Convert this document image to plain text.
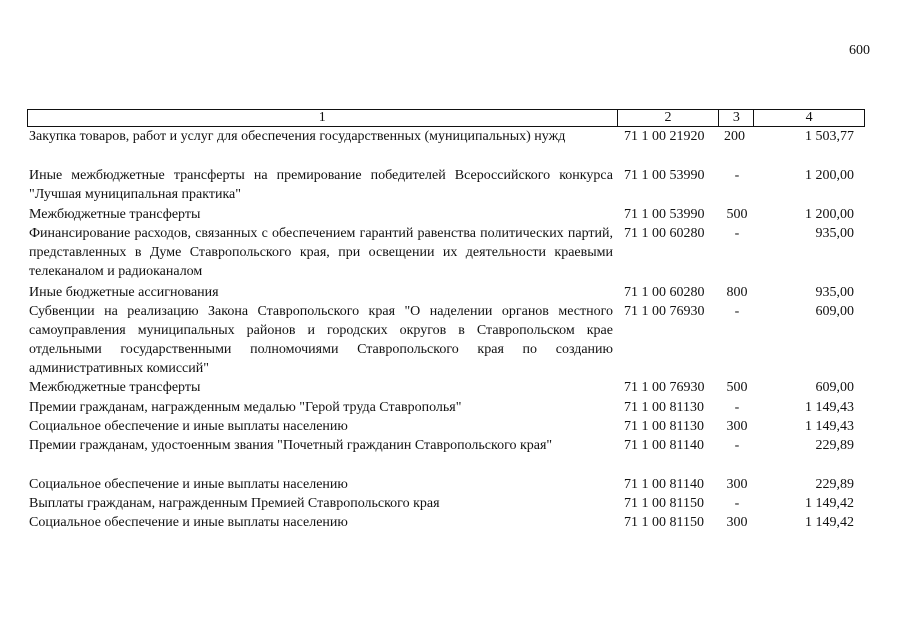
600
1	2	3	4
Закупка товаров, работ и услуг для обеспечения государственных (муниципальных) нужд	71 1 00 21920 200	1 503,77
Иные межбюджетные трансферты на премирование победителей Всероссийского конкурса "Лучшая муниципальная практика"
71 1 00 53990	-	1 200,00
Межбюджетные трансферты	71 1 00 53990	500	1 200,00
Финансирование расходов, связанных с обеспечением гарантий равенства политических партий, представленных в Думе Ставропольского края, при освещении их деятельности краевыми телеканалом и радиоканалом
71 1 00 60280	-	935,00
Иные бюджетные ассигнования	71 1 00 60280	800	935,00
Субвенции на реализацию Закона Ставропольского края "О наделении органов местного самоуправления муниципальных районов и городских округов в Ставропольском крае отдельными государственными полномочиями Ставропольского края по созданию административных комиссий"
71 1 00 76930	-	609,00
Межбюджетные трансферты	71 1 00 76930	500	609,00
Премии гражданам, награжденным медалью "Герой труда Ставрополья"	71 1 00 81130	-	1 149,43
Социальное обеспечение и иные выплаты населению	71 1 00 81130	300	1 149,43
Премии гражданам, удостоенным звания "Почетный гражданин Ставропольского края"	71 1 00 81140	-	229,89
Социальное обеспечение и иные выплаты населению	71 1 00 81140	300	229,89
Выплаты гражданам, награжденным Премией Ставропольского края	71 1 00 81150	-	1 149,42
Социальное обеспечение и иные выплаты населению	71 1 00 81150	300	1 149,42
